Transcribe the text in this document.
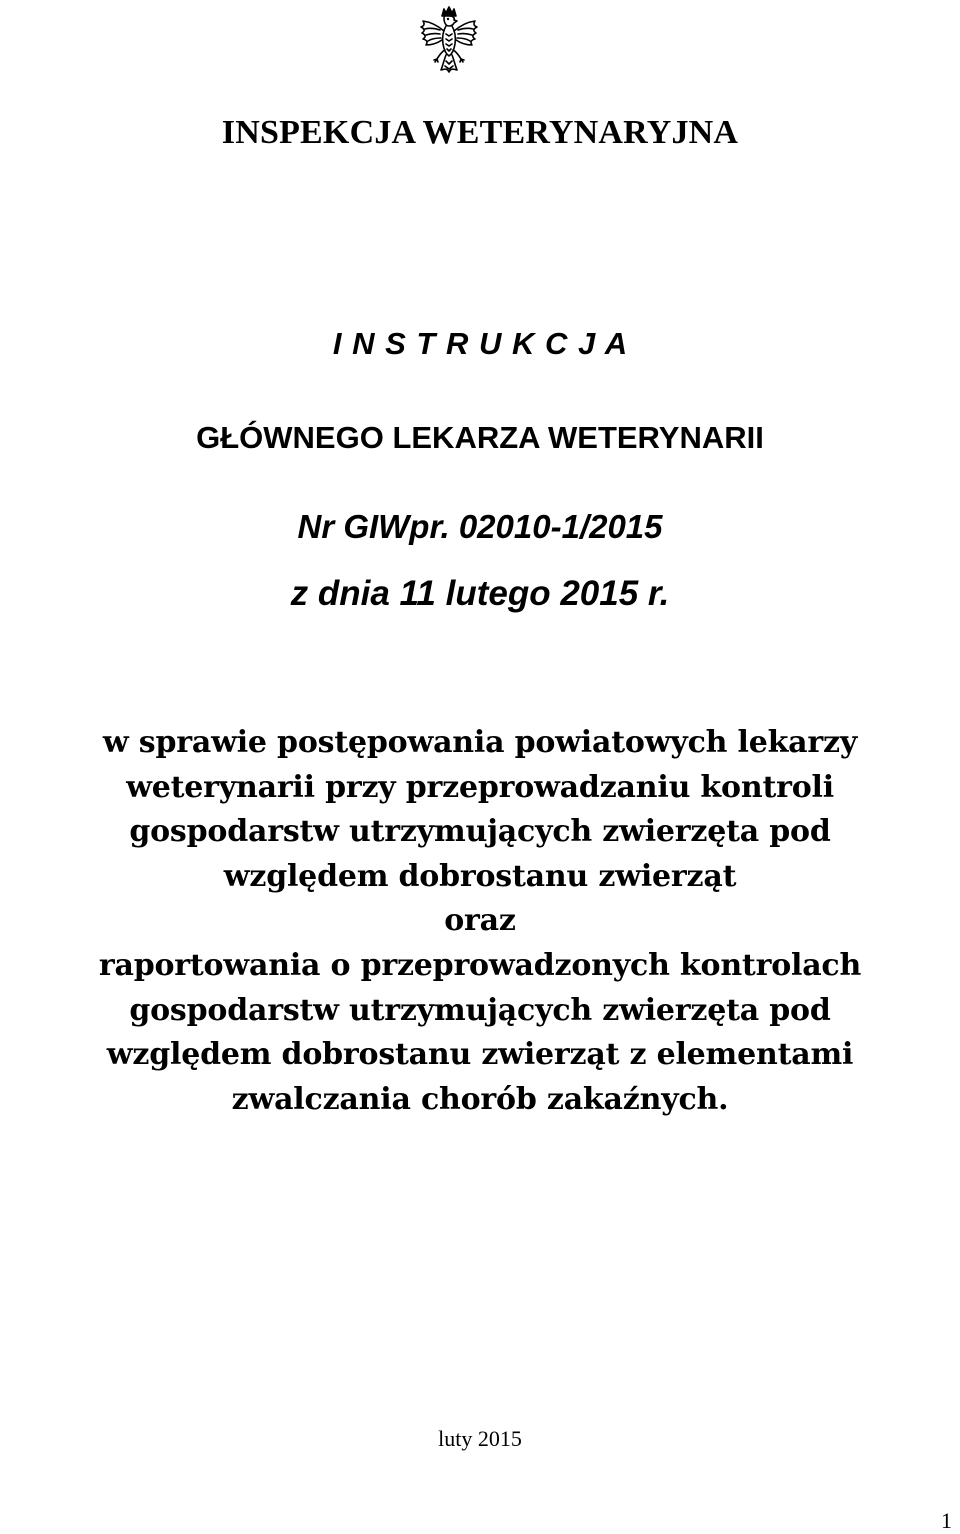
INSPEKCJA WETERYNARYJNA
I N S T R U K C J A
GŁÓWNEGO LEKARZA WETERYNARII
Nr GIWpr. 02010-1/2015
z dnia 11 lutego 2015 r.
w sprawie postępowania powiatowych lekarzy
weterynarii przy przeprowadzaniu kontroli
gospodarstw utrzymujących zwierzęta pod
względem dobrostanu zwierząt
oraz
raportowania o przeprowadzonych kontrolach
gospodarstw utrzymujących zwierzęta pod
względem dobrostanu zwierząt z elementami
zwalczania chorób zakaźnych.
luty 2015
1
